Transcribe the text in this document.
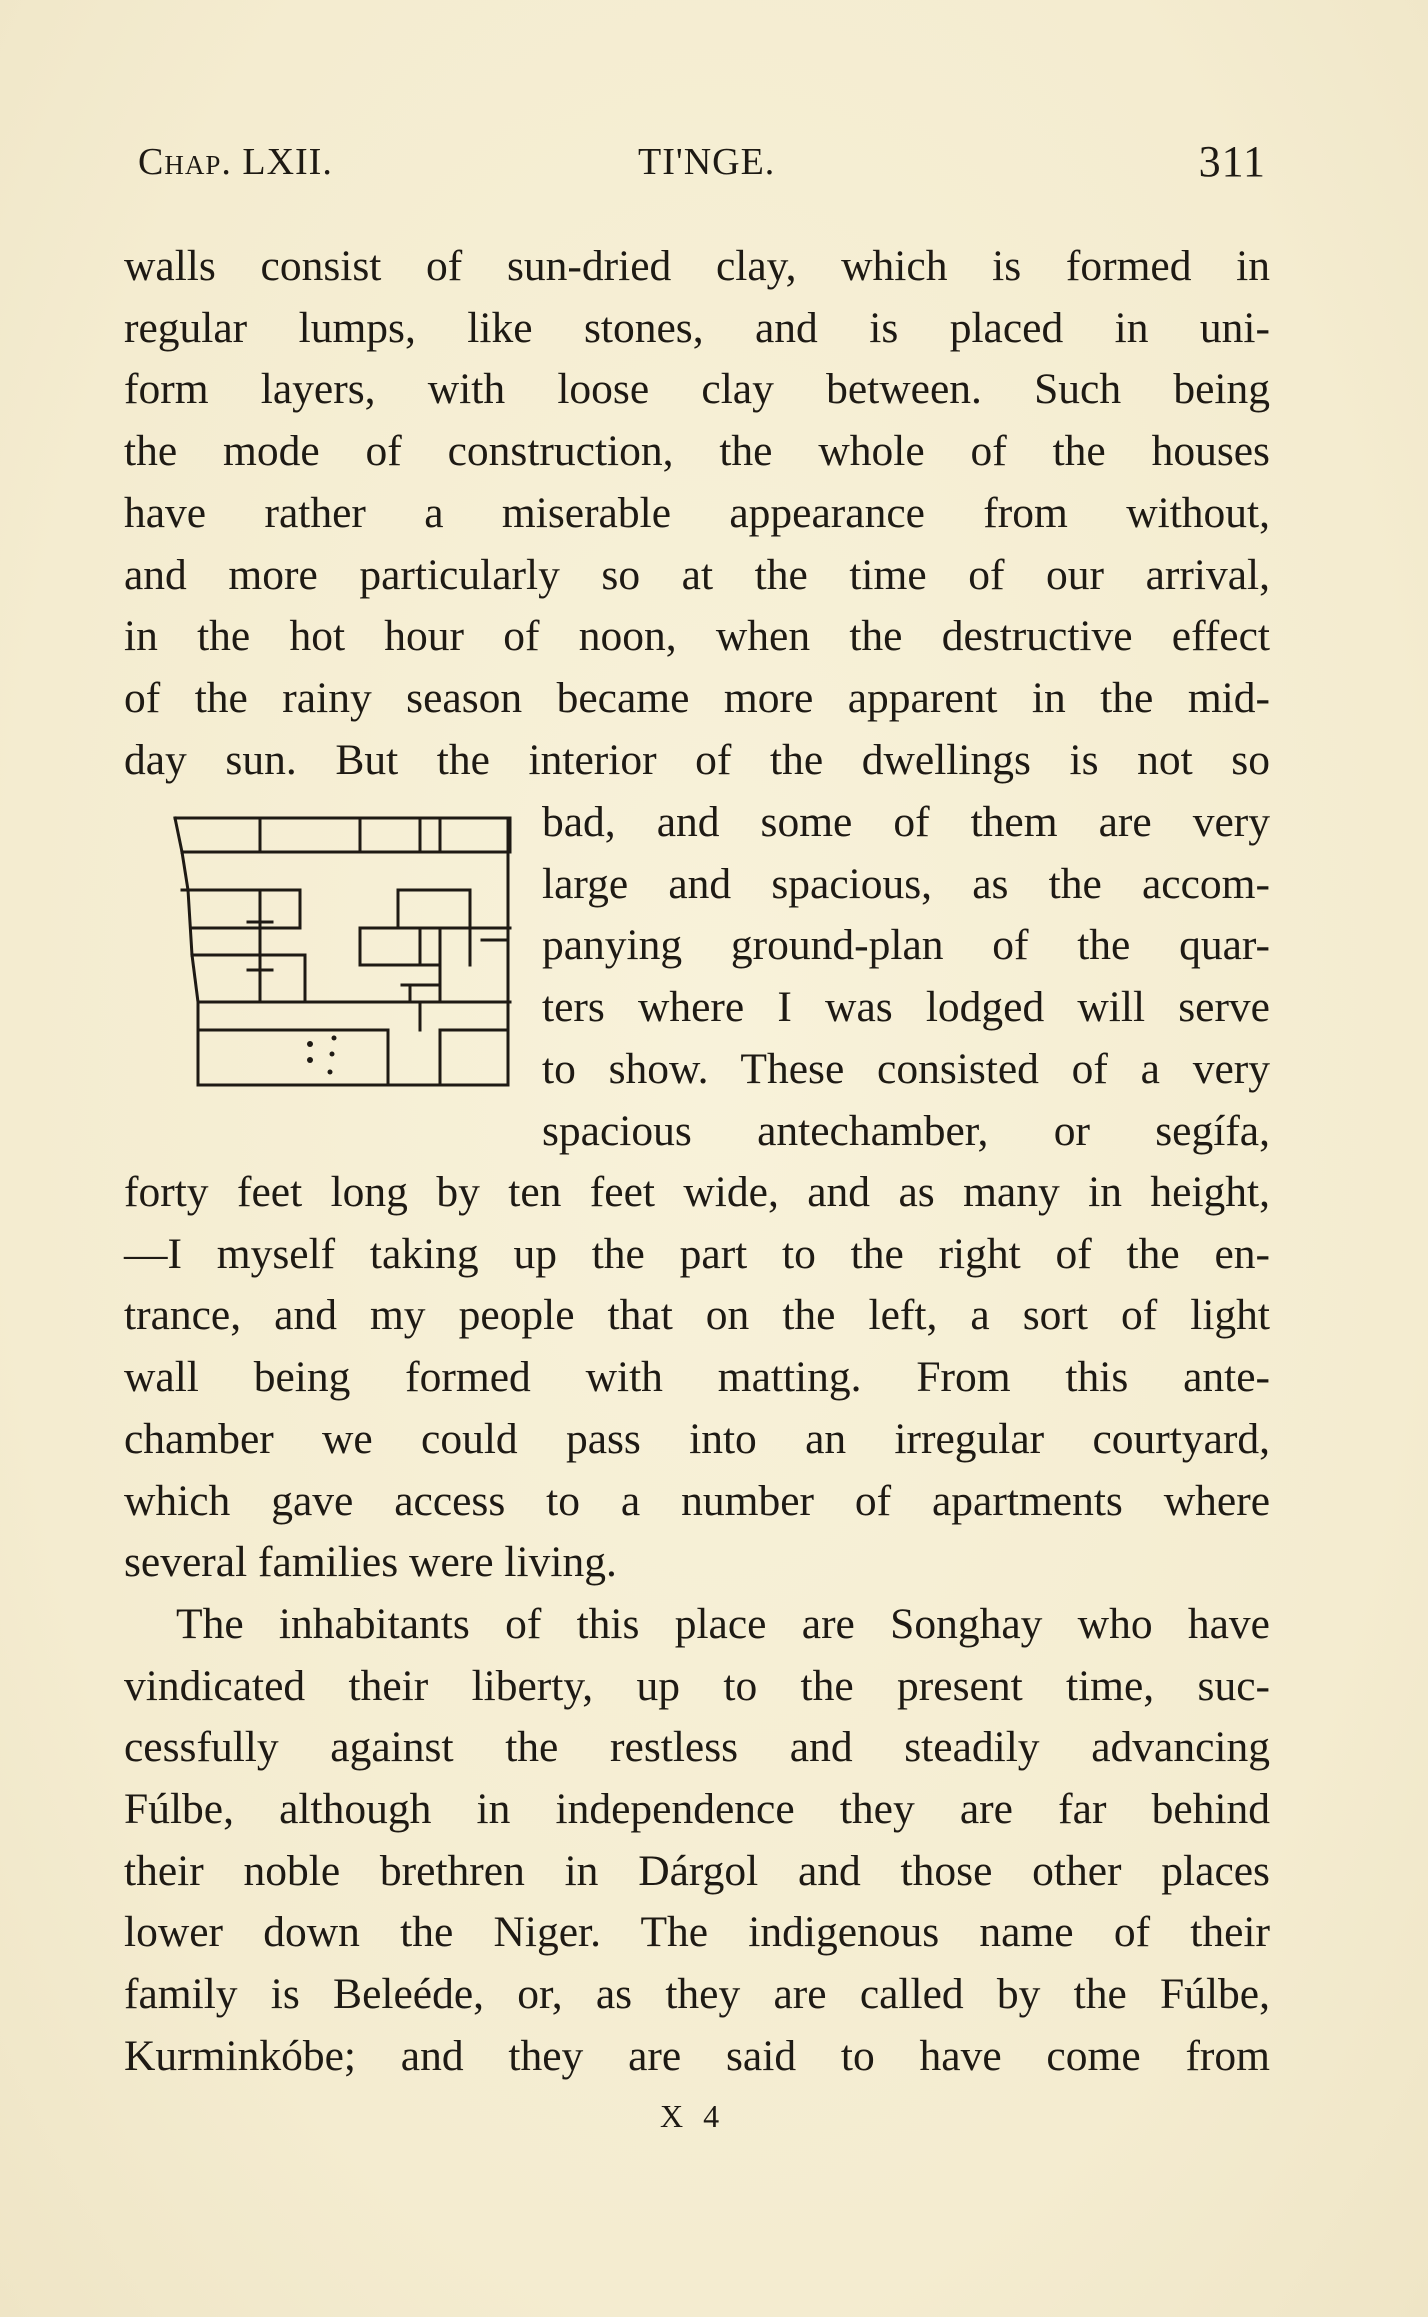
Chap. LXII.	TI'NGE.	311
walls consist of sun-dried clay, which is formed in
regular lumps, like stones, and is placed in uni-
form layers, with loose clay between. Such being
the mode of construction, the whole of the houses
have rather a miserable appearance from without,
and more particularly so at the time of our arrival,
in the hot hour of noon, when the destructive effect
of the rainy season became more apparent in the mid-
day sun. But the interior of the dwellings is not so
bad, and some of them are very
large and spacious, as the accom-
panying ground-plan of the quar-
ters where I was lodged will serve
to show. These consisted of a very
spacious antechamber, or segífa,
forty feet long by ten feet wide, and as many in height,
—I myself taking up the part to the right of the en-
trance, and my people that on the left, a sort of light
wall being formed with matting. From this ante-
chamber we could pass into an irregular courtyard,
which gave access to a number of apartments where
several families were living.
The inhabitants of this place are Songhay who have
vindicated their liberty, up to the present time, suc-
cessfully against the restless and steadily advancing
Fúlbe, although in independence they are far behind
their noble brethren in Dárgol and those other places
lower down the Niger. The indigenous name of their
family is Beleéde, or, as they are called by the Fúlbe,
Kurminkóbe; and they are said to have come from
X 4
